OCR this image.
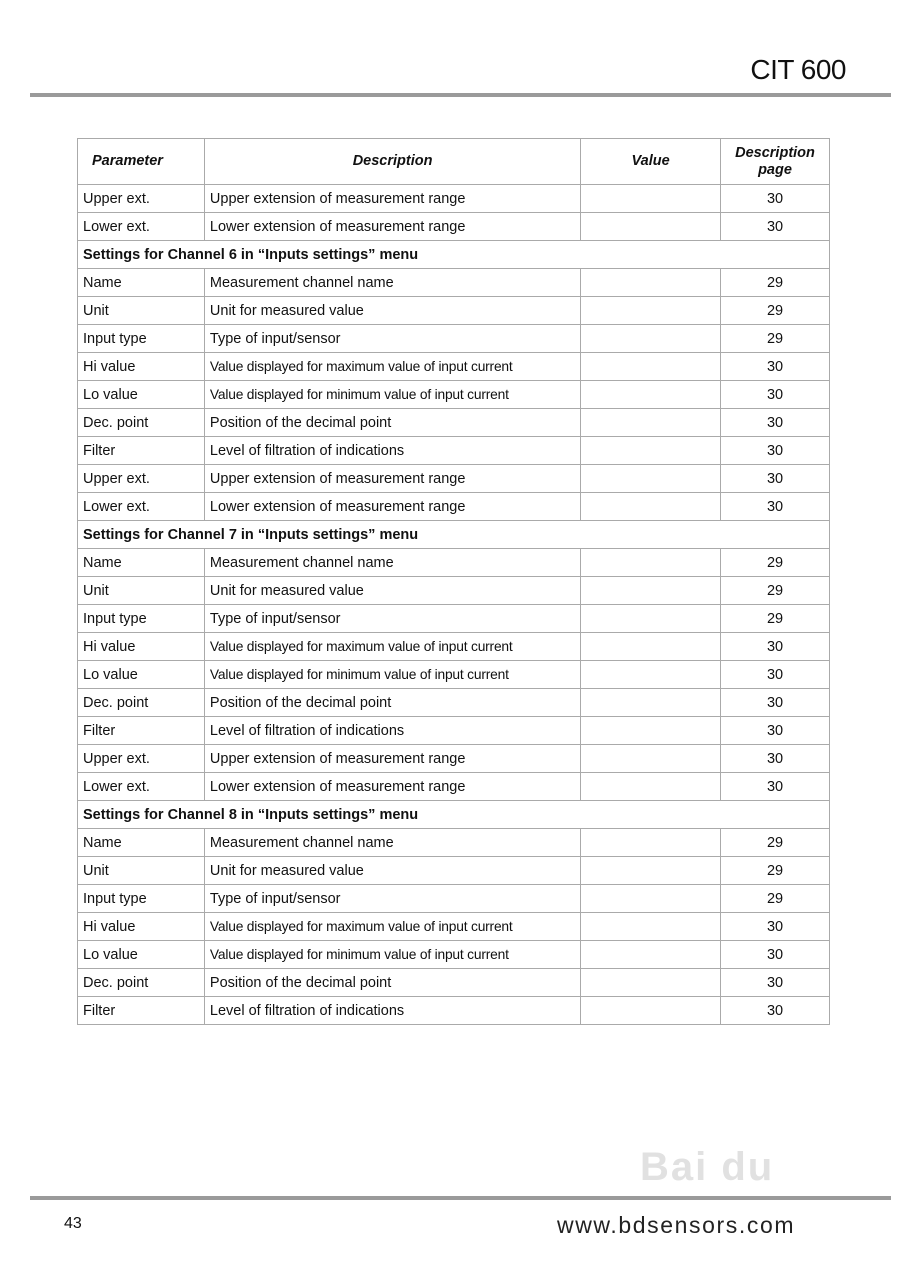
CIT 600
Parameter	Description	Value	Description page
Upper ext.	Upper extension of measurement range		30
Lower ext.	Lower extension of measurement range		30
Settings for Channel 6 in “Inputs settings” menu			
Name	Measurement channel name		29
Unit	Unit for measured value		29
Input type	Type of input/sensor		29
Hi value	Value displayed for maximum value of input current		30
Lo value	Value displayed for minimum value of input current		30
Dec. point	Position of the decimal point		30
Filter	Level of filtration of indications		30
Upper ext.	Upper extension of measurement range		30
Lower ext.	Lower extension of measurement range		30
Settings for Channel 7 in “Inputs settings” menu			
Name	Measurement channel name		29
Unit	Unit for measured value		29
Input type	Type of input/sensor		29
Hi value	Value displayed for maximum value of input current		30
Lo value	Value displayed for minimum value of input current		30
Dec. point	Position of the decimal point		30
Filter	Level of filtration of indications		30
Upper ext.	Upper extension of measurement range		30
Lower ext.	Lower extension of measurement range		30
Settings for Channel 8 in “Inputs settings” menu			
Name	Measurement channel name		29
Unit	Unit for measured value		29
Input type	Type of input/sensor		29
Hi value	Value displayed for maximum value of input current		30
Lo value	Value displayed for minimum value of input current		30
Dec. point	Position of the decimal point		30
Filter	Level of filtration of indications		30
Bai du
43	www.bdsensors.com
